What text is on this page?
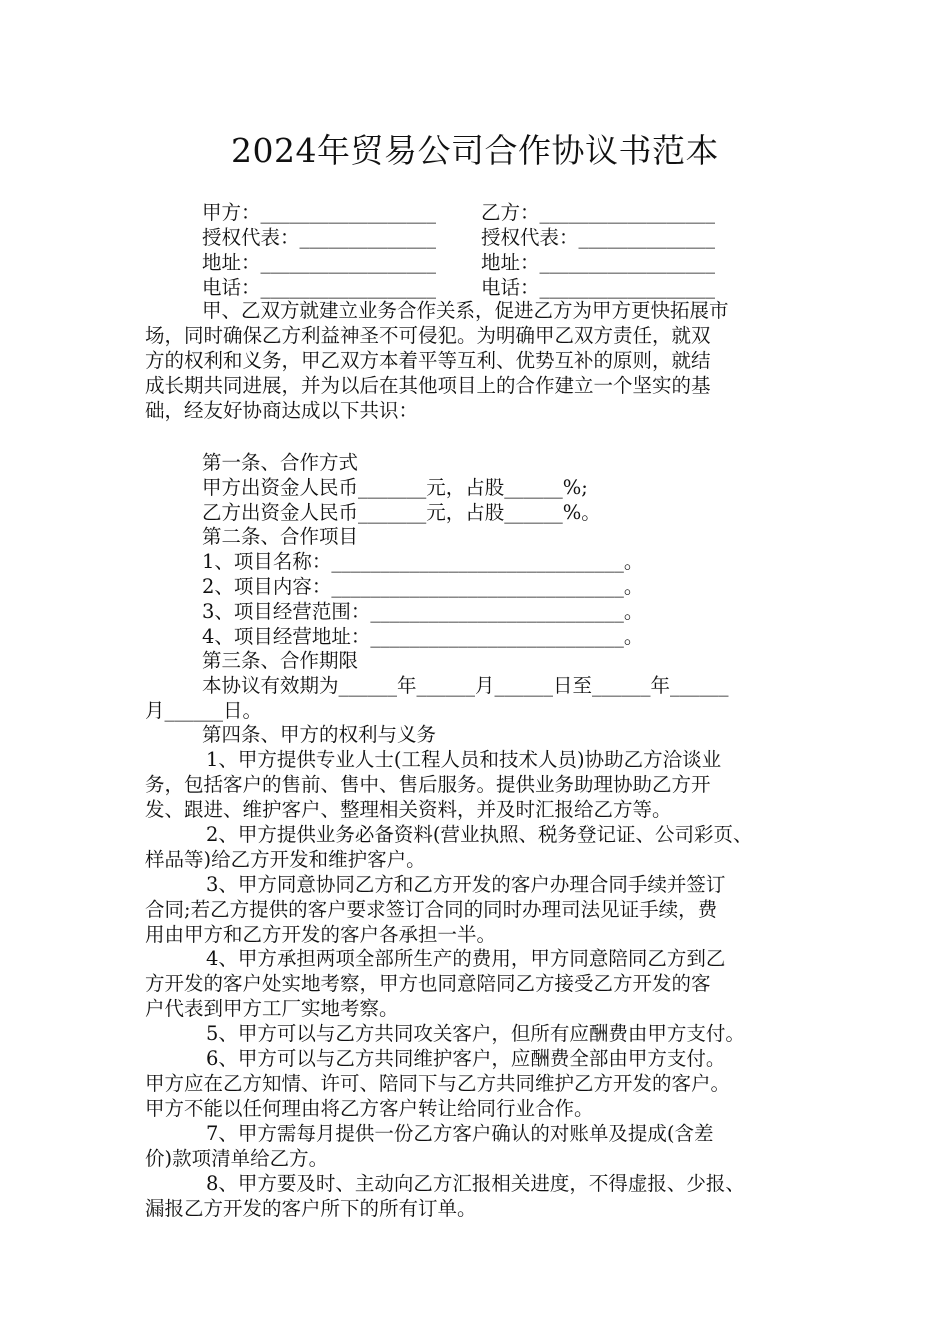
2024年贸易公司合作协议书范本
甲方：__________________	乙方：__________________
授权代表：______________	授权代表：______________
地址：__________________	地址：__________________
电话：__________________	电话：__________________
甲、乙双方就建立业务合作关系，促进乙方为甲方更快拓展市
场，同时确保乙方利益神圣不可侵犯。为明确甲乙双方责任，就双
方的权利和义务，甲乙双方本着平等互利、优势互补的原则，就结
成长期共同进展，并为以后在其他项目上的合作建立一个坚实的基
础，经友好协商达成以下共识：
第一条、合作方式
甲方出资金人民币_______元，占股______%;
乙方出资金人民币_______元，占股______%。
第二条、合作项目
1、项目名称：______________________________。
2、项目内容：______________________________。
3、项目经营范围：__________________________。
4、项目经营地址：__________________________。
第三条、合作期限
本协议有效期为______年______月______日至______年______
月______日。
第四条、甲方的权利与义务
1、甲方提供专业人士(工程人员和技术人员)协助乙方洽谈业
务，包括客户的售前、售中、售后服务。提供业务助理协助乙方开
发、跟进、维护客户、整理相关资料，并及时汇报给乙方等。
2、甲方提供业务必备资料(营业执照、税务登记证、公司彩页、
样品等)给乙方开发和维护客户。
3、甲方同意协同乙方和乙方开发的客户办理合同手续并签订
合同;若乙方提供的客户要求签订合同的同时办理司法见证手续，费
用由甲方和乙方开发的客户各承担一半。
4、甲方承担两项全部所生产的费用，甲方同意陪同乙方到乙
方开发的客户处实地考察，甲方也同意陪同乙方接受乙方开发的客
户代表到甲方工厂实地考察。
5、甲方可以与乙方共同攻关客户，但所有应酬费由甲方支付。
6、甲方可以与乙方共同维护客户，应酬费全部由甲方支付。
甲方应在乙方知情、许可、陪同下与乙方共同维护乙方开发的客户。
甲方不能以任何理由将乙方客户转让给同行业合作。
7、甲方需每月提供一份乙方客户确认的对账单及提成(含差
价)款项清单给乙方。
8、甲方要及时、主动向乙方汇报相关进度，不得虚报、少报、
漏报乙方开发的客户所下的所有订单。
